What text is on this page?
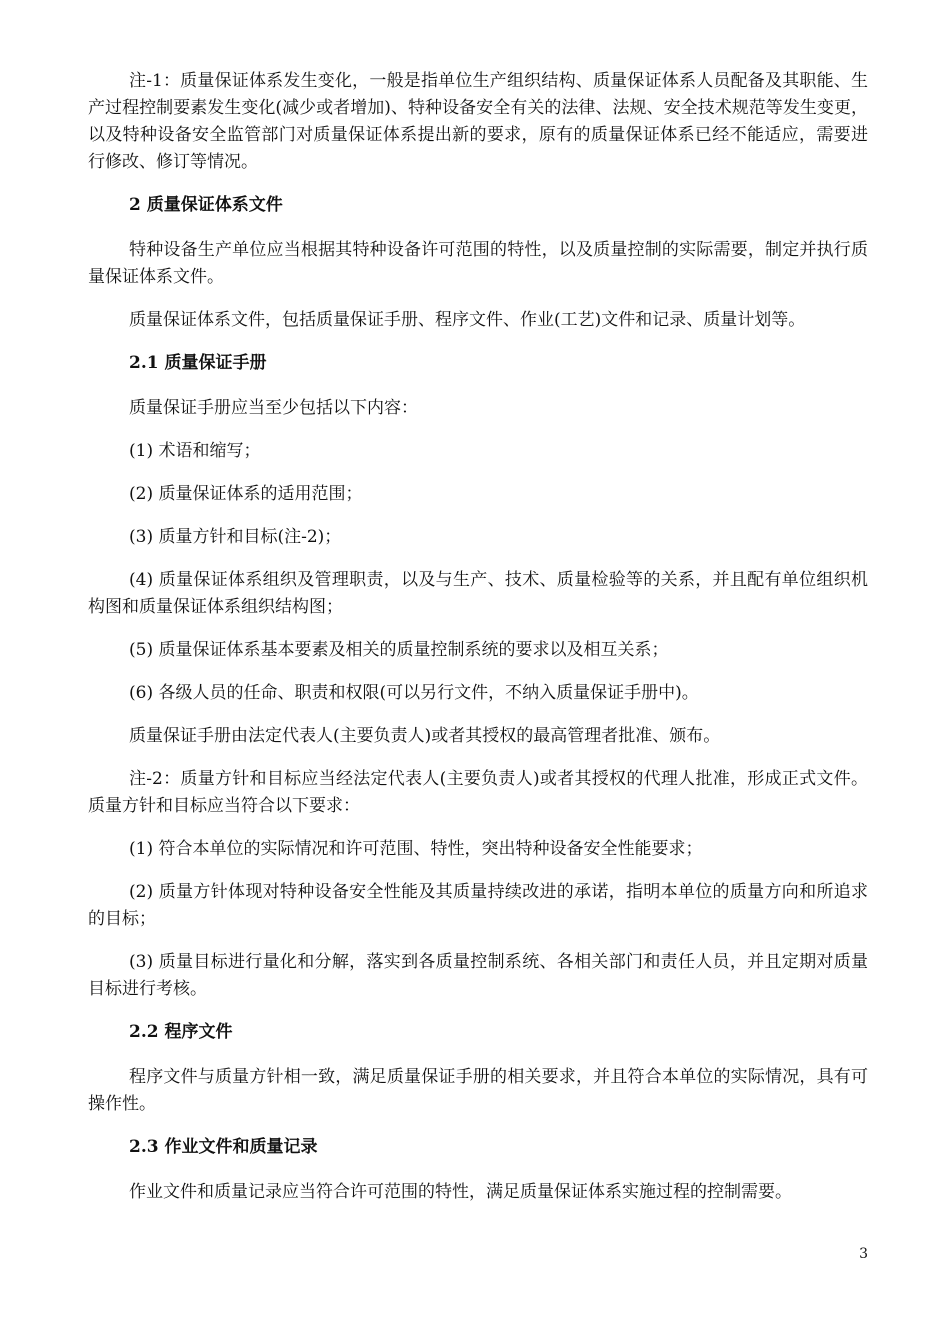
注-1：质量保证体系发生变化，一般是指单位生产组织结构、质量保证体系人员配备及其职能、生产过程控制要素发生变化(减少或者增加)、特种设备安全有关的法律、法规、安全技术规范等发生变更，以及特种设备安全监管部门对质量保证体系提出新的要求，原有的质量保证体系已经不能适应，需要进行修改、修订等情况。

2 质量保证体系文件

特种设备生产单位应当根据其特种设备许可范围的特性，以及质量控制的实际需要，制定并执行质量保证体系文件。

质量保证体系文件，包括质量保证手册、程序文件、作业(工艺)文件和记录、质量计划等。

2.1 质量保证手册

质量保证手册应当至少包括以下内容：

(1) 术语和缩写；

(2) 质量保证体系的适用范围；

(3) 质量方针和目标(注-2)；

(4) 质量保证体系组织及管理职责，以及与生产、技术、质量检验等的关系，并且配有单位组织机构图和质量保证体系组织结构图；

(5) 质量保证体系基本要素及相关的质量控制系统的要求以及相互关系；

(6) 各级人员的任命、职责和权限(可以另行文件，不纳入质量保证手册中)。

质量保证手册由法定代表人(主要负责人)或者其授权的最高管理者批准、颁布。

注-2：质量方针和目标应当经法定代表人(主要负责人)或者其授权的代理人批准，形成正式文件。质量方针和目标应当符合以下要求：

(1) 符合本单位的实际情况和许可范围、特性，突出特种设备安全性能要求；

(2) 质量方针体现对特种设备安全性能及其质量持续改进的承诺，指明本单位的质量方向和所追求的目标；

(3) 质量目标进行量化和分解，落实到各质量控制系统、各相关部门和责任人员，并且定期对质量目标进行考核。

2.2 程序文件

程序文件与质量方针相一致，满足质量保证手册的相关要求，并且符合本单位的实际情况，具有可操作性。

2.3 作业文件和质量记录

作业文件和质量记录应当符合许可范围的特性，满足质量保证体系实施过程的控制需要。

3
